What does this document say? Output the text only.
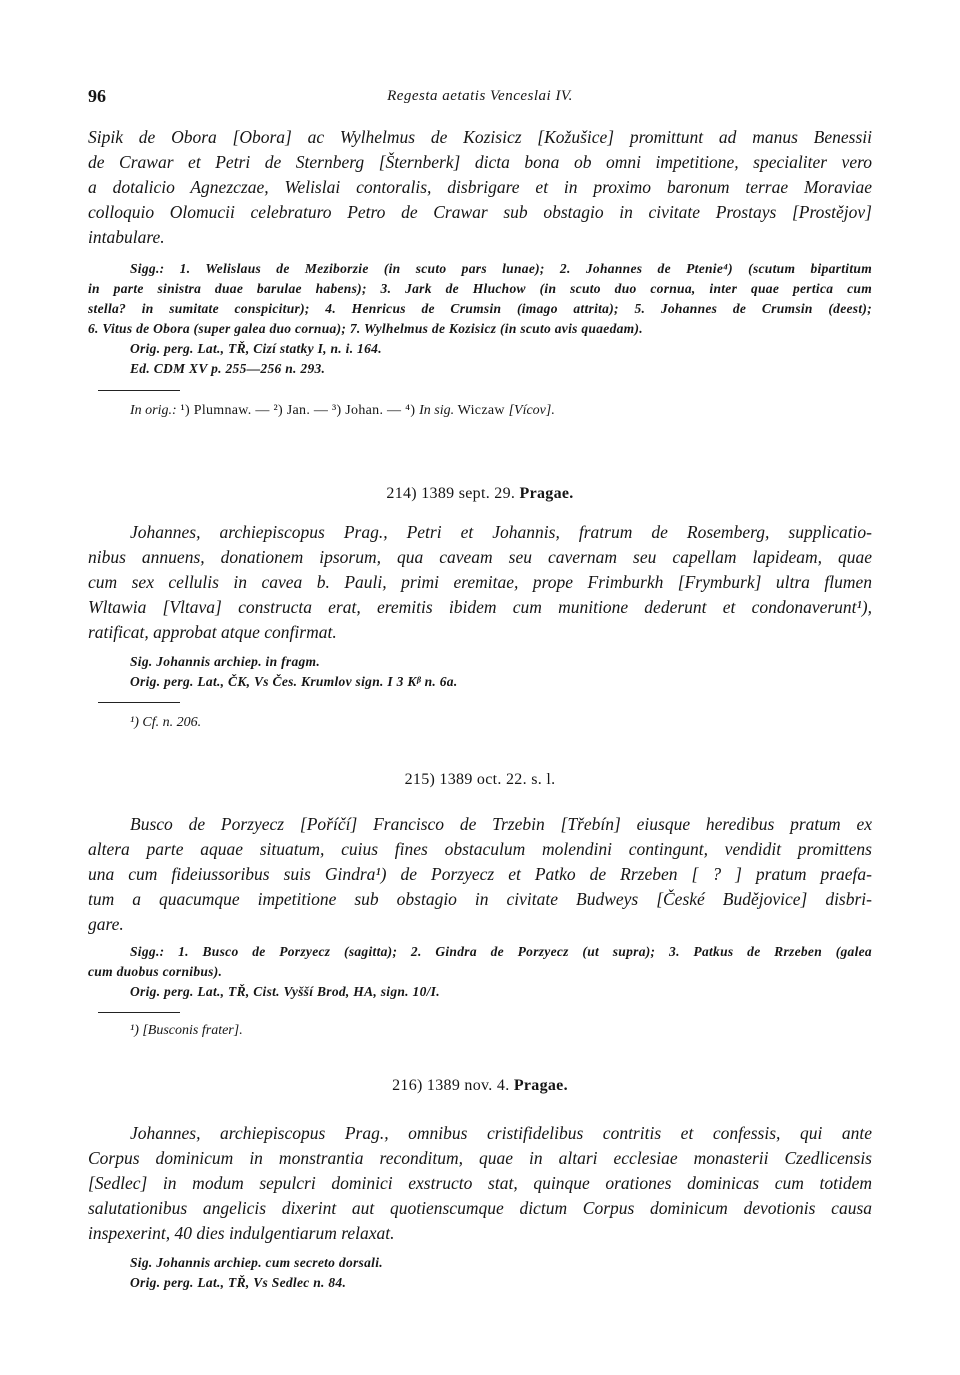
96	Regesta aetatis Venceslai IV.
Sipik de Obora [Obora] ac Wylhelmus de Kozisicz [Kožušice] promittunt ad manus Benessii
de Crawar et Petri de Sternberg [Šternberk] dicta bona ob omni impetitione, specialiter vero
a dotalicio Agnezczae, Welislai contoralis, disbrigare et in proximo baronum terrae Moraviae
colloquio Olomucii celebraturo Petro de Crawar sub obstagio in civitate Prostays [Prostějov]
intabulare.
Sigg.: 1. Welislaus de Meziborzie (in scuto pars lunae); 2. Johannes de Ptenie⁴) (scutum bipartitum
in parte sinistra duae barulae habens); 3. Jark de Hluchow (in scuto duo cornua, inter quae pertica cum
stella? in sumitate conspicitur); 4. Henricus de Crumsin (imago attrita); 5. Johannes de Crumsin (deest);
6. Vitus de Obora (super galea duo cornua); 7. Wylhelmus de Kozisicz (in scuto avis quaedam).
Orig. perg. Lat., TŘ, Cizí statky I, n. i. 164.
Ed. CDM XV p. 255—256 n. 293.
In orig.: ¹) Plumnaw. — ²) Jan. — ³) Johan. — ⁴) In sig. Wiczaw [Vícov].
214) 1389 sept. 29. Pragae.
Johannes, archiepiscopus Prag., Petri et Johannis, fratrum de Rosemberg, supplicatio-
nibus annuens, donationem ipsorum, qua caveam seu cavernam seu capellam lapideam, quae
cum sex cellulis in cavea b. Pauli, primi eremitae, prope Frimburkh [Frymburk] ultra flumen
Wltawia [Vltava] constructa erat, eremitis ibidem cum munitione dederunt et condonaverunt¹),
ratificat, approbat atque confirmat.
Sig. Johannis archiep. in fragm.
Orig. perg. Lat., ČK, Vs Čes. Krumlov sign. I 3 Kᵝ n. 6a.
¹) Cf. n. 206.
215) 1389 oct. 22. s. l.
Busco de Porzyecz [Poříčí] Francisco de Trzebin [Třebín] eiusque heredibus pratum ex
altera parte aquae situatum, cuius fines obstaculum molendini contingunt, vendidit promittens
una cum fideiussoribus suis Gindra¹) de Porzyecz et Patko de Rrzeben [ ? ] pratum praefa-
tum a quacumque impetitione sub obstagio in civitate Budweys [České Budějovice] disbri-
gare.
Sigg.: 1. Busco de Porzyecz (sagitta); 2. Gindra de Porzyecz (ut supra); 3. Patkus de Rrzeben (galea
cum duobus cornibus).
Orig. perg. Lat., TŘ, Cist. Vyšší Brod, HA, sign. 10/I.
¹) [Busconis frater].
216) 1389 nov. 4. Pragae.
Johannes, archiepiscopus Prag., omnibus cristifidelibus contritis et confessis, qui ante
Corpus dominicum in monstrantia reconditum, quae in altari ecclesiae monasterii Czedlicensis
[Sedlec] in modum sepulcri dominici exstructo stat, quinque orationes dominicas cum totidem
salutationibus angelicis dixerint aut quotienscumque dictum Corpus dominicum devotionis causa
inspexerint, 40 dies indulgentiarum relaxat.
Sig. Johannis archiep. cum secreto dorsali.
Orig. perg. Lat., TŘ, Vs Sedlec n. 84.
